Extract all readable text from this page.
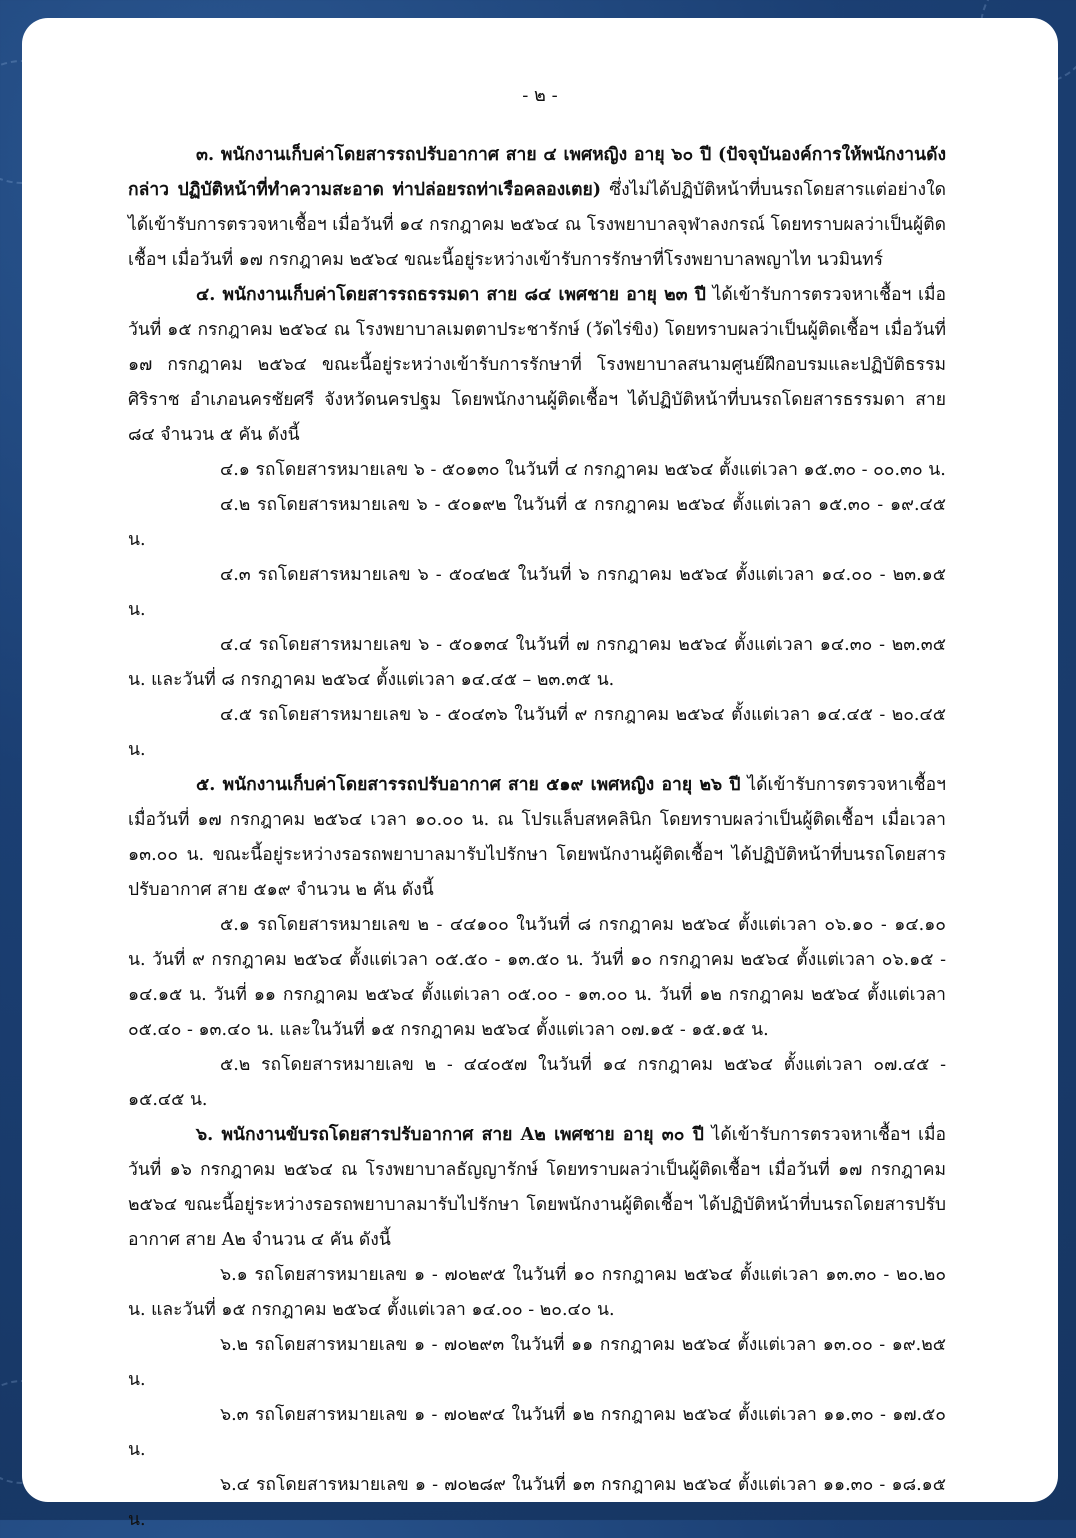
- ๒ -

๓. พนักงานเก็บค่าโดยสารรถปรับอากาศ สาย ๔ เพศหญิง อายุ ๖๐ ปี (ปัจจุบันองค์การให้พนักงานดังกล่าว ปฏิบัติหน้าที่ทำความสะอาด ท่าปล่อยรถท่าเรือคลองเตย) ซึ่งไม่ได้ปฏิบัติหน้าที่บนรถโดยสารแต่อย่างใด ได้เข้ารับการตรวจหาเชื้อฯ เมื่อวันที่ ๑๔ กรกฎาคม ๒๕๖๔ ณ โรงพยาบาลจุฬาลงกรณ์ โดยทราบผลว่าเป็นผู้ติดเชื้อฯ เมื่อวันที่ ๑๗ กรกฎาคม ๒๕๖๔ ขณะนี้อยู่ระหว่างเข้ารับการรักษาที่โรงพยาบาลพญาไท นวมินทร์

๔. พนักงานเก็บค่าโดยสารรถธรรมดา สาย ๘๔ เพศชาย อายุ ๒๓ ปี ได้เข้ารับการตรวจหาเชื้อฯ เมื่อวันที่ ๑๕ กรกฎาคม ๒๕๖๔ ณ โรงพยาบาลเมตตาประชารักษ์ (วัดไร่ขิง) โดยทราบผลว่าเป็นผู้ติดเชื้อฯ เมื่อวันที่ ๑๗ กรกฎาคม ๒๕๖๔ ขณะนี้อยู่ระหว่างเข้ารับการรักษาที่ โรงพยาบาลสนามศูนย์ฝึกอบรมและปฏิบัติธรรมศิริราช อำเภอนครชัยศรี จังหวัดนครปฐม โดยพนักงานผู้ติดเชื้อฯ ได้ปฏิบัติหน้าที่บนรถโดยสารธรรมดา สาย ๘๔ จำนวน ๕ คัน ดังนี้

๔.๑ รถโดยสารหมายเลข ๖ - ๕๐๑๓๐ ในวันที่ ๔ กรกฎาคม ๒๕๖๔ ตั้งแต่เวลา ๑๕.๓๐ - ๐๐.๓๐ น.

๔.๒ รถโดยสารหมายเลข ๖ - ๕๐๑๙๒ ในวันที่ ๕ กรกฎาคม ๒๕๖๔ ตั้งแต่เวลา ๑๕.๓๐ - ๑๙.๔๕ น.

๔.๓ รถโดยสารหมายเลข ๖ - ๕๐๔๒๕ ในวันที่ ๖ กรกฎาคม ๒๕๖๔ ตั้งแต่เวลา ๑๔.๐๐ - ๒๓.๑๕ น.

๔.๔ รถโดยสารหมายเลข ๖ - ๕๐๑๓๔ ในวันที่ ๗ กรกฎาคม ๒๕๖๔ ตั้งแต่เวลา ๑๔.๓๐ - ๒๓.๓๕ น. และวันที่ ๘ กรกฎาคม ๒๕๖๔ ตั้งแต่เวลา ๑๔.๔๕ – ๒๓.๓๕ น.

๔.๕ รถโดยสารหมายเลข ๖ - ๕๐๔๓๖ ในวันที่ ๙ กรกฎาคม ๒๕๖๔ ตั้งแต่เวลา ๑๔.๔๕ - ๒๐.๔๕ น.

๕. พนักงานเก็บค่าโดยสารรถปรับอากาศ สาย ๕๑๙ เพศหญิง อายุ ๒๖ ปี ได้เข้ารับการตรวจหาเชื้อฯ เมื่อวันที่ ๑๗ กรกฎาคม ๒๕๖๔ เวลา ๑๐.๐๐ น. ณ โปรแล็บสหคลินิก โดยทราบผลว่าเป็นผู้ติดเชื้อฯ เมื่อเวลา ๑๓.๐๐ น. ขณะนี้อยู่ระหว่างรอรถพยาบาลมารับไปรักษา โดยพนักงานผู้ติดเชื้อฯ ได้ปฏิบัติหน้าที่บนรถโดยสารปรับอากาศ สาย ๕๑๙ จำนวน ๒ คัน ดังนี้

๕.๑ รถโดยสารหมายเลข ๒ - ๔๔๑๐๐ ในวันที่ ๘ กรกฎาคม ๒๕๖๔ ตั้งแต่เวลา ๐๖.๑๐ - ๑๔.๑๐ น. วันที่ ๙ กรกฎาคม ๒๕๖๔ ตั้งแต่เวลา ๐๕.๕๐ - ๑๓.๕๐ น. วันที่ ๑๐ กรกฎาคม ๒๕๖๔ ตั้งแต่เวลา ๐๖.๑๕ - ๑๔.๑๕ น. วันที่ ๑๑ กรกฎาคม ๒๕๖๔ ตั้งแต่เวลา ๐๕.๐๐ - ๑๓.๐๐ น. วันที่ ๑๒ กรกฎาคม ๒๕๖๔ ตั้งแต่เวลา ๐๕.๔๐ - ๑๓.๔๐ น. และในวันที่ ๑๕ กรกฎาคม ๒๕๖๔ ตั้งแต่เวลา ๐๗.๑๕ - ๑๕.๑๕ น.

๕.๒ รถโดยสารหมายเลข ๒ - ๔๔๐๕๗ ในวันที่ ๑๔ กรกฎาคม ๒๕๖๔ ตั้งแต่เวลา ๐๗.๔๕ - ๑๕.๔๕ น.

๖. พนักงานขับรถโดยสารปรับอากาศ สาย A๒ เพศชาย อายุ ๓๐ ปี ได้เข้ารับการตรวจหาเชื้อฯ เมื่อวันที่ ๑๖ กรกฎาคม ๒๕๖๔ ณ โรงพยาบาลธัญญารักษ์ โดยทราบผลว่าเป็นผู้ติดเชื้อฯ เมื่อวันที่ ๑๗ กรกฎาคม ๒๕๖๔ ขณะนี้อยู่ระหว่างรอรถพยาบาลมารับไปรักษา โดยพนักงานผู้ติดเชื้อฯ ได้ปฏิบัติหน้าที่บนรถโดยสารปรับอากาศ สาย A๒ จำนวน ๔ คัน ดังนี้

๖.๑ รถโดยสารหมายเลข ๑ - ๗๐๒๙๕ ในวันที่ ๑๐ กรกฎาคม ๒๕๖๔ ตั้งแต่เวลา ๑๓.๓๐ - ๒๐.๒๐ น. และวันที่ ๑๕ กรกฎาคม ๒๕๖๔ ตั้งแต่เวลา ๑๔.๐๐ - ๒๐.๔๐ น.

๖.๒ รถโดยสารหมายเลข ๑ - ๗๐๒๙๓ ในวันที่ ๑๑ กรกฎาคม ๒๕๖๔ ตั้งแต่เวลา ๑๓.๐๐ - ๑๙.๒๕ น.

๖.๓ รถโดยสารหมายเลข ๑ - ๗๐๒๙๔ ในวันที่ ๑๒ กรกฎาคม ๒๕๖๔ ตั้งแต่เวลา ๑๑.๓๐ - ๑๗.๕๐ น.

๖.๔ รถโดยสารหมายเลข ๑ - ๗๐๒๘๙ ในวันที่ ๑๓ กรกฎาคม ๒๕๖๔ ตั้งแต่เวลา ๑๑.๓๐ - ๑๘.๑๕ น.
